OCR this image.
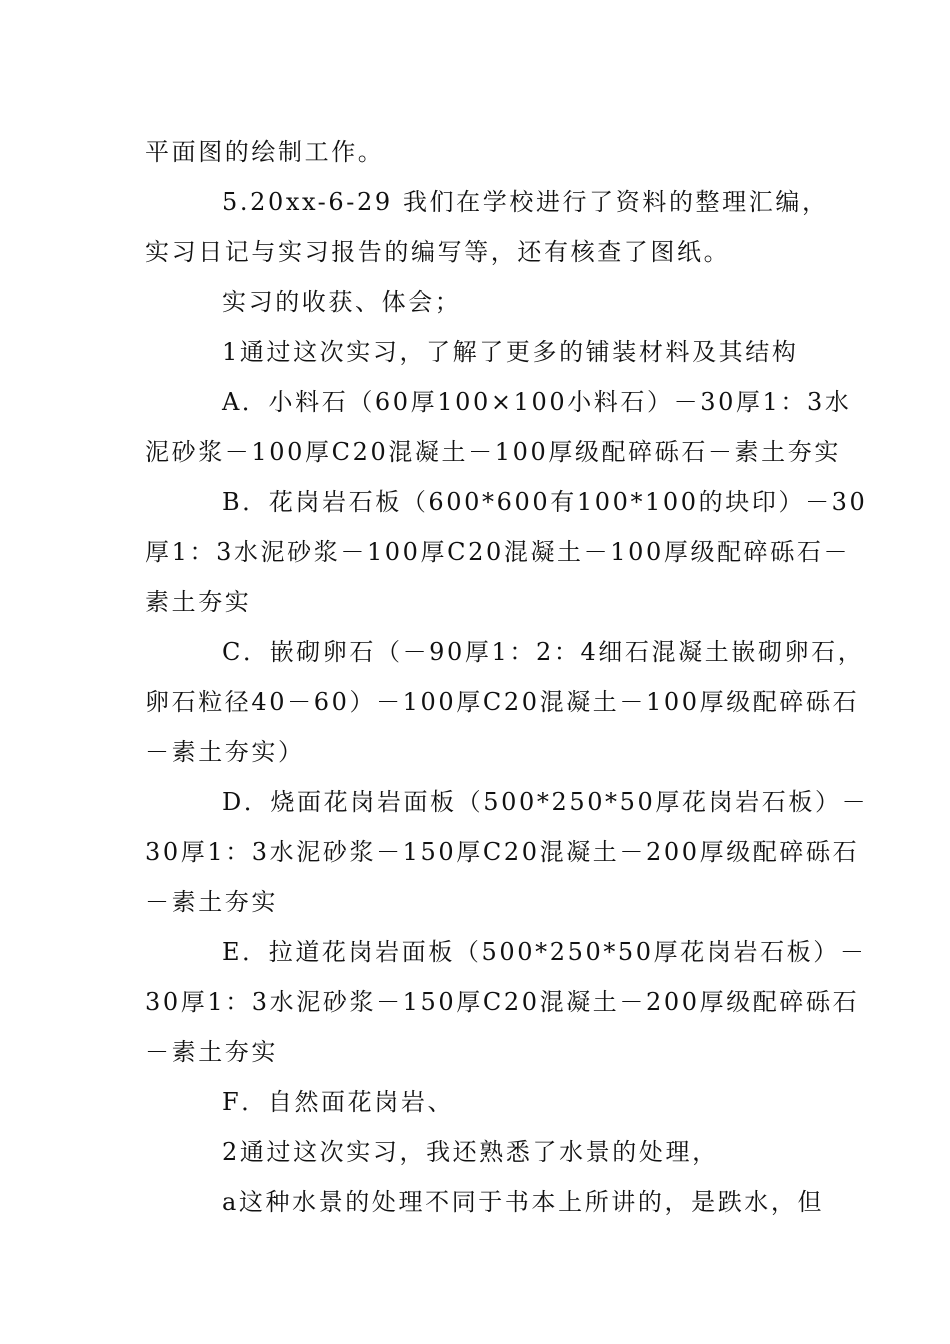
平面图的绘制工作。
5.20xx-6-29 我们在学校进行了资料的整理汇编，
实习日记与实习报告的编写等，还有核查了图纸。
实习的收获、体会；
1通过这次实习，了解了更多的铺装材料及其结构
A．小料石（60厚100×100小料石）－30厚1：3水
泥砂浆－100厚C20混凝土－100厚级配碎砾石－素土夯实
B．花岗岩石板（600*600有100*100的块印）－30
厚1：3水泥砂浆－100厚C20混凝土－100厚级配碎砾石－
素土夯实
C．嵌砌卵石（－90厚1：2：4细石混凝土嵌砌卵石，
卵石粒径40－60）－100厚C20混凝土－100厚级配碎砾石
－素土夯实）
D．烧面花岗岩面板（500*250*50厚花岗岩石板）－
30厚1：3水泥砂浆－150厚C20混凝土－200厚级配碎砾石
－素土夯实
E．拉道花岗岩面板（500*250*50厚花岗岩石板）－
30厚1：3水泥砂浆－150厚C20混凝土－200厚级配碎砾石
－素土夯实
F．自然面花岗岩、
2通过这次实习，我还熟悉了水景的处理，
a这种水景的处理不同于书本上所讲的，是跌水，但
